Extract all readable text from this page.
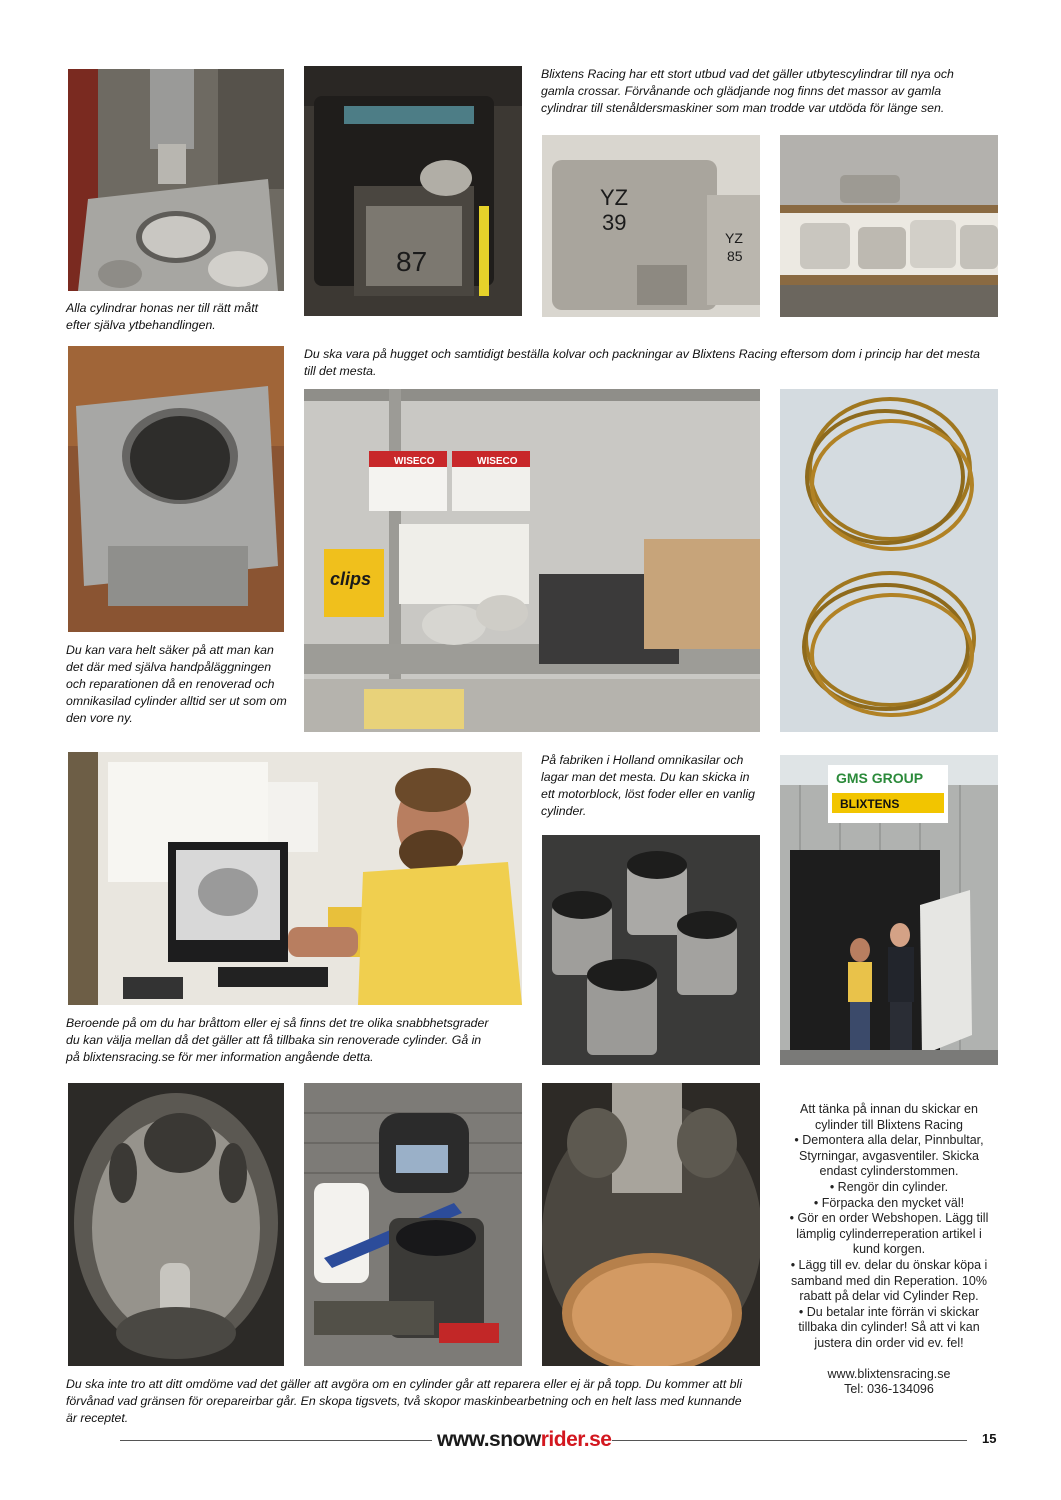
87
YZ
39
YZ
85
Blixtens Racing har ett stort utbud vad det gäller utbytescylindrar till nya och gamla crossar. Förvånande och glädjande nog finns det massor av gamla cylindrar till stenåldersmaskiner som man trodde var utdöda för länge sen.
Alla cylindrar honas ner till rätt mått efter själva ytbehandlingen.
Du ska vara på hugget och samtidigt beställa kolvar och packningar av Blixtens Racing eftersom dom i princip har det mesta till det mesta.
WISECO	WISECO
clips
Du kan vara helt säker på att man kan det där med själva handpåläggningen och reparationen då en renoverad och omnikasilad cylinder alltid ser ut som om den vore ny.
På fabriken i Holland omnikasilar och lagar man det mesta. Du kan skicka in ett motorblock, löst foder eller en vanlig cylinder.
Beroende på om du har bråttom eller ej så finns det tre olika snabbhetsgrader du kan välja mellan då det gäller att få tillbaka sin renoverade cylinder. Gå in på blixtensracing.se för mer information angående detta.
GMS GROUP
BLIXTENS
Att tänka på innan du skickar en cylinder till Blixtens Racing
• Demontera alla delar, Pinnbultar, Styrningar, avgasventiler. Skicka endast cylinderstommen.
• Rengör din cylinder.
• Förpacka den mycket väl!
• Gör en order Webshopen. Lägg till lämplig cylinderreperation artikel i kund korgen.
• Lägg till ev. delar du önskar köpa i samband med din Reperation. 10% rabatt på delar vid Cylinder Rep.
• Du betalar inte förrän vi skickar tillbaka din cylinder! Så att vi kan justera din order vid ev. fel!
www.blixtensracing.se
Tel: 036-134096
Du ska inte tro att ditt omdöme vad det gäller att avgöra om en cylinder går att reparera eller ej är på topp. Du kommer att bli förvånad vad gränsen för orepareirbar går. En skopa tigsvets, två skopor maskinbearbetning och en helt lass med kunnande är receptet.
www.snowrider.se	15
